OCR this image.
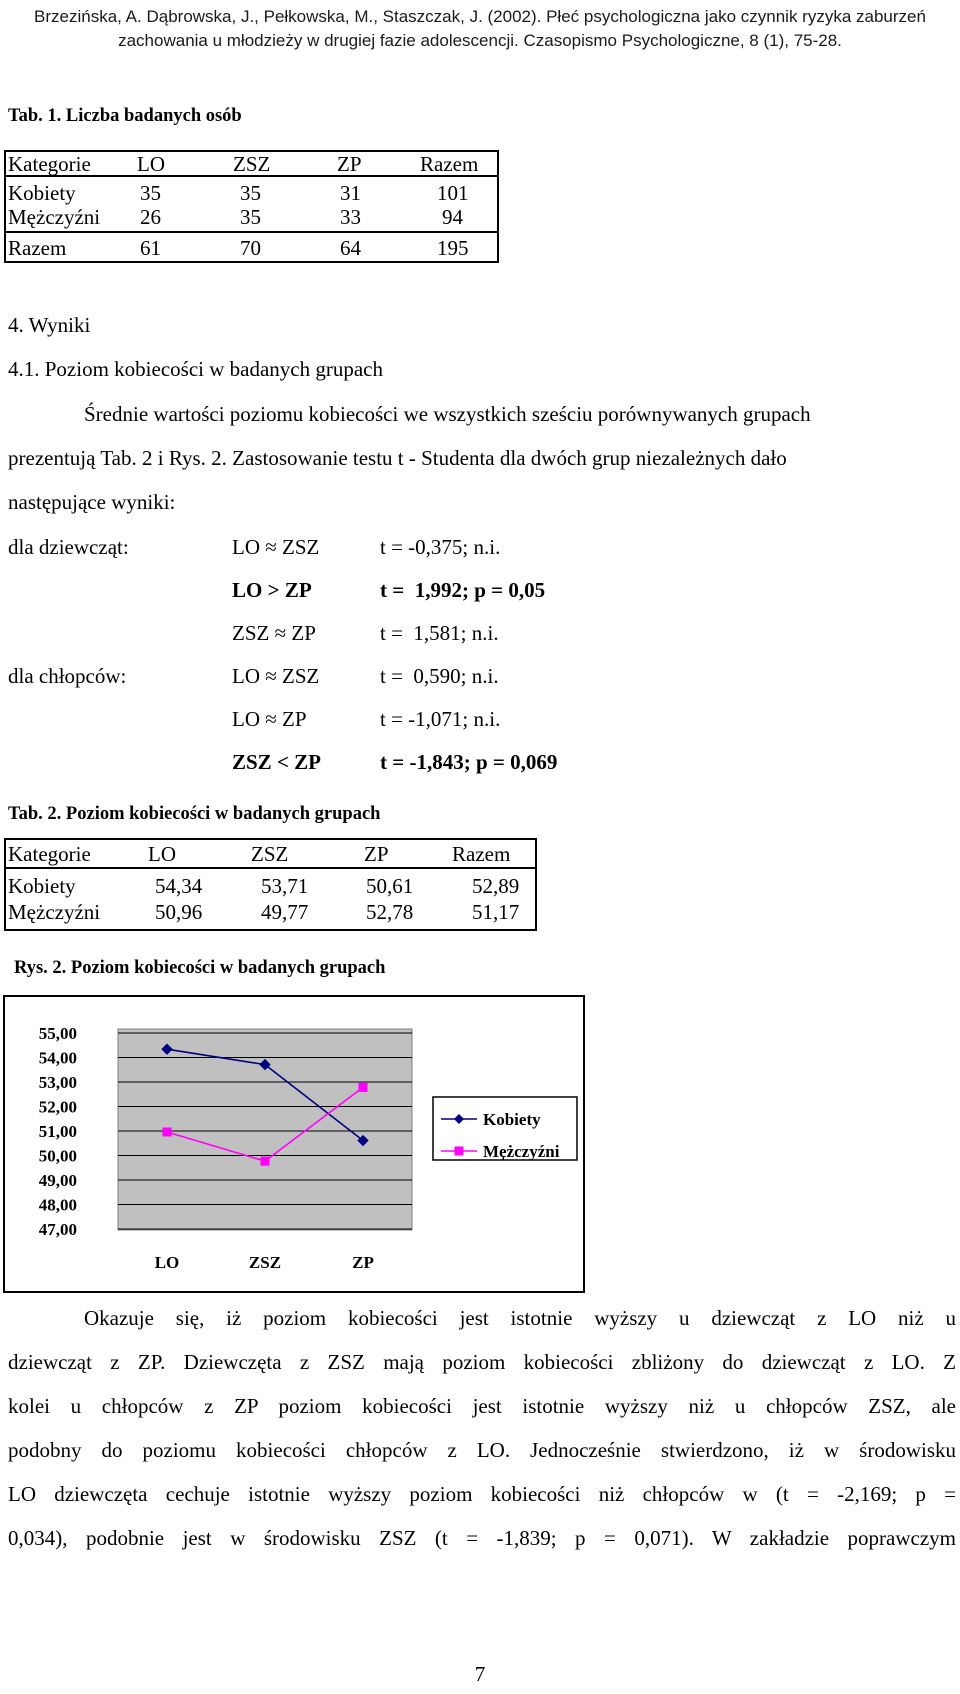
Brzezińska, A. Dąbrowska, J., Pełkowska, M., Staszczak, J. (2002). Płeć psychologiczna jako czynnik ryzyka zaburzeń
zachowania u młodzieży w drugiej fazie adolescencji. Czasopismo Psychologiczne, 8 (1), 75-28.
Tab. 1. Liczba badanych osób
Kategorie LO	ZSZ	ZP	Razem
Kobiety	35	35	31	101
Mężczyźni 26	35	33	94
Razem	61	70	64	195
4. Wyniki
4.1. Poziom kobiecości w badanych grupach
Średnie wartości poziomu kobiecości we wszystkich sześciu porównywanych grupach
prezentują Tab. 2 i Rys. 2. Zastosowanie testu t - Studenta dla dwóch grup niezależnych dało
następujące wyniki:
dla dziewcząt:	LO ≈ ZSZ	t = -0,375; n.i.
LO > ZP	t =  1,992; p = 0,05
ZSZ ≈ ZP	t =  1,581; n.i.
dla chłopców:	LO ≈ ZSZ	t =  0,590; n.i.
LO ≈ ZP	t = -1,071; n.i.
ZSZ < ZP	t = -1,843; p = 0,069
Tab. 2. Poziom kobiecości w badanych grupach
Kategorie	LO	ZSZ	ZP	Razem
Kobiety	54,34	53,71	50,61	52,89
Mężczyźni	50,96	49,77	52,78	51,17
Rys. 2. Poziom kobiecości w badanych grupach
55,00
54,00
53,00
52,00
51,00
50,00
49,00
48,00
47,00
LO	ZSZ	ZP
Kobiety
Mężczyźni
Okazuje się, iż poziom kobiecości jest istotnie wyższy u dziewcząt z LO niż u
dziewcząt z ZP. Dziewczęta z ZSZ mają poziom kobiecości zbliżony do dziewcząt z LO. Z
kolei u chłopców z ZP poziom kobiecości jest istotnie wyższy niż u chłopców ZSZ, ale
podobny do poziomu kobiecości chłopców z LO. Jednocześnie stwierdzono, iż w środowisku
LO dziewczęta cechuje istotnie wyższy poziom kobiecości niż chłopców w (t = -2,169; p =
0,034), podobnie jest w środowisku ZSZ (t = -1,839; p = 0,071). W zakładzie poprawczym
7
